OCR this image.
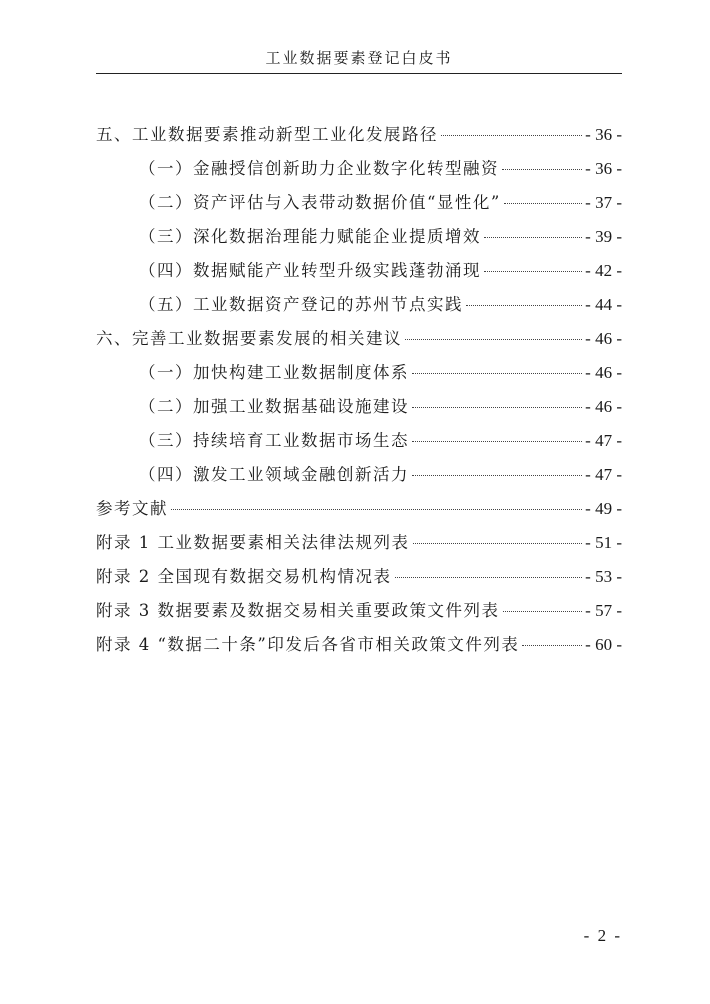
工业数据要素登记白皮书
五、工业数据要素推动新型工业化发展路径	- 36 -
（一）金融授信创新助力企业数字化转型融资	- 36 -
（二）资产评估与入表带动数据价值“显性化”	- 37 -
（三）深化数据治理能力赋能企业提质增效	- 39 -
（四）数据赋能产业转型升级实践蓬勃涌现	- 42 -
（五）工业数据资产登记的苏州节点实践	- 44 -
六、完善工业数据要素发展的相关建议	- 46 -
（一）加快构建工业数据制度体系	- 46 -
（二）加强工业数据基础设施建设	- 46 -
（三）持续培育工业数据市场生态	- 47 -
（四）激发工业领域金融创新活力	- 47 -
参考文献	- 49 -
附录 1 工业数据要素相关法律法规列表	- 51 -
附录 2 全国现有数据交易机构情况表	- 53 -
附录 3 数据要素及数据交易相关重要政策文件列表	- 57 -
附录 4 “数据二十条”印发后各省市相关政策文件列表	- 60 -
- 2 -
